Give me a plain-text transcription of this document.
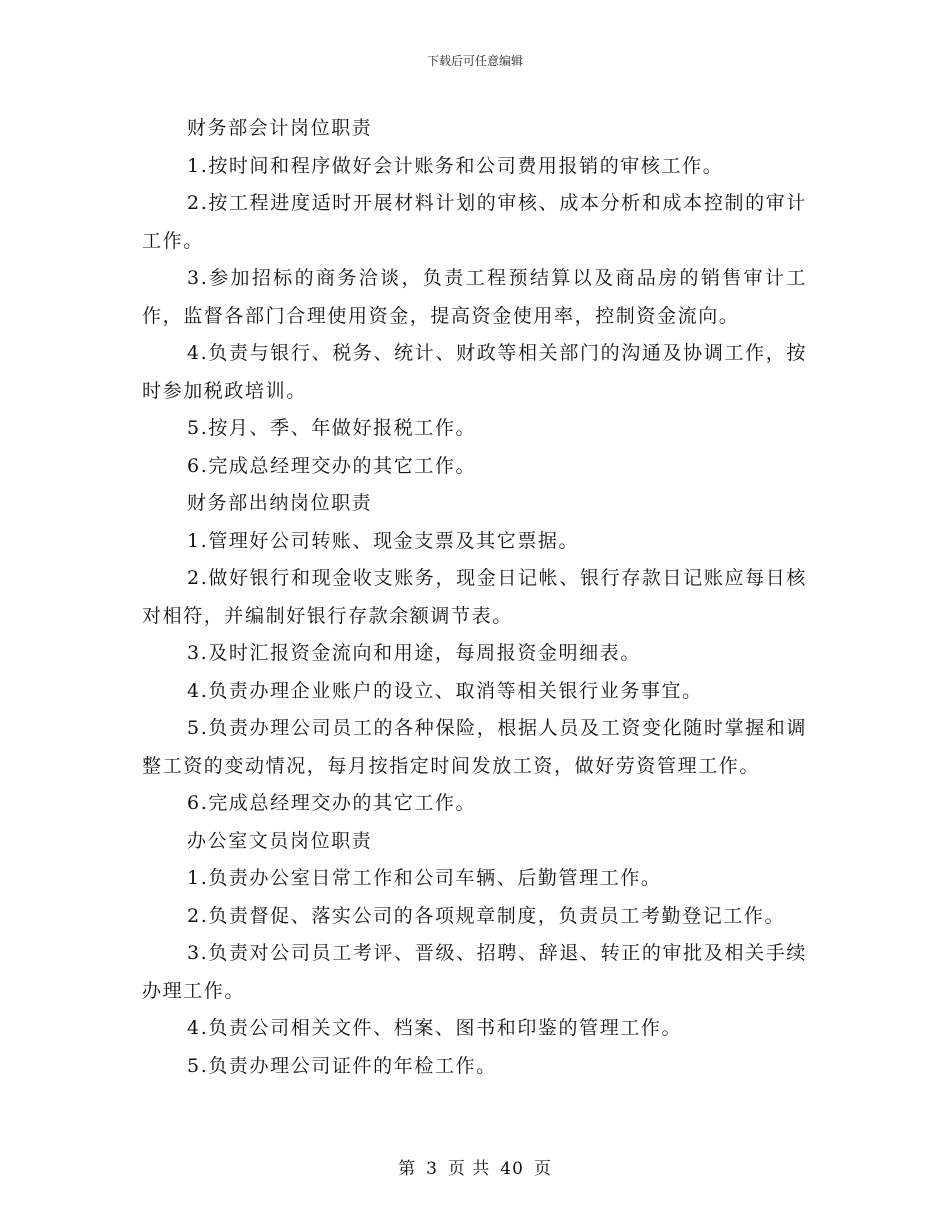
下载后可任意编辑

财务部会计岗位职责

1.按时间和程序做好会计账务和公司费用报销的审核工作。

2.按工程进度适时开展材料计划的审核、成本分析和成本控制的审计工作。

3.参加招标的商务洽谈，负责工程预结算以及商品房的销售审计工作，监督各部门合理使用资金，提高资金使用率，控制资金流向。

4.负责与银行、税务、统计、财政等相关部门的沟通及协调工作，按时参加税政培训。

5.按月、季、年做好报税工作。

6.完成总经理交办的其它工作。

财务部出纳岗位职责

1.管理好公司转账、现金支票及其它票据。

2.做好银行和现金收支账务，现金日记帐、银行存款日记账应每日核对相符，并编制好银行存款余额调节表。

3.及时汇报资金流向和用途，每周报资金明细表。

4.负责办理企业账户的设立、取消等相关银行业务事宜。

5.负责办理公司员工的各种保险，根据人员及工资变化随时掌握和调整工资的变动情况，每月按指定时间发放工资，做好劳资管理工作。

6.完成总经理交办的其它工作。

办公室文员岗位职责

1.负责办公室日常工作和公司车辆、后勤管理工作。

2.负责督促、落实公司的各项规章制度，负责员工考勤登记工作。

3.负责对公司员工考评、晋级、招聘、辞退、转正的审批及相关手续办理工作。

4.负责公司相关文件、档案、图书和印鉴的管理工作。

5.负责办理公司证件的年检工作。

第 3 页 共 40 页
